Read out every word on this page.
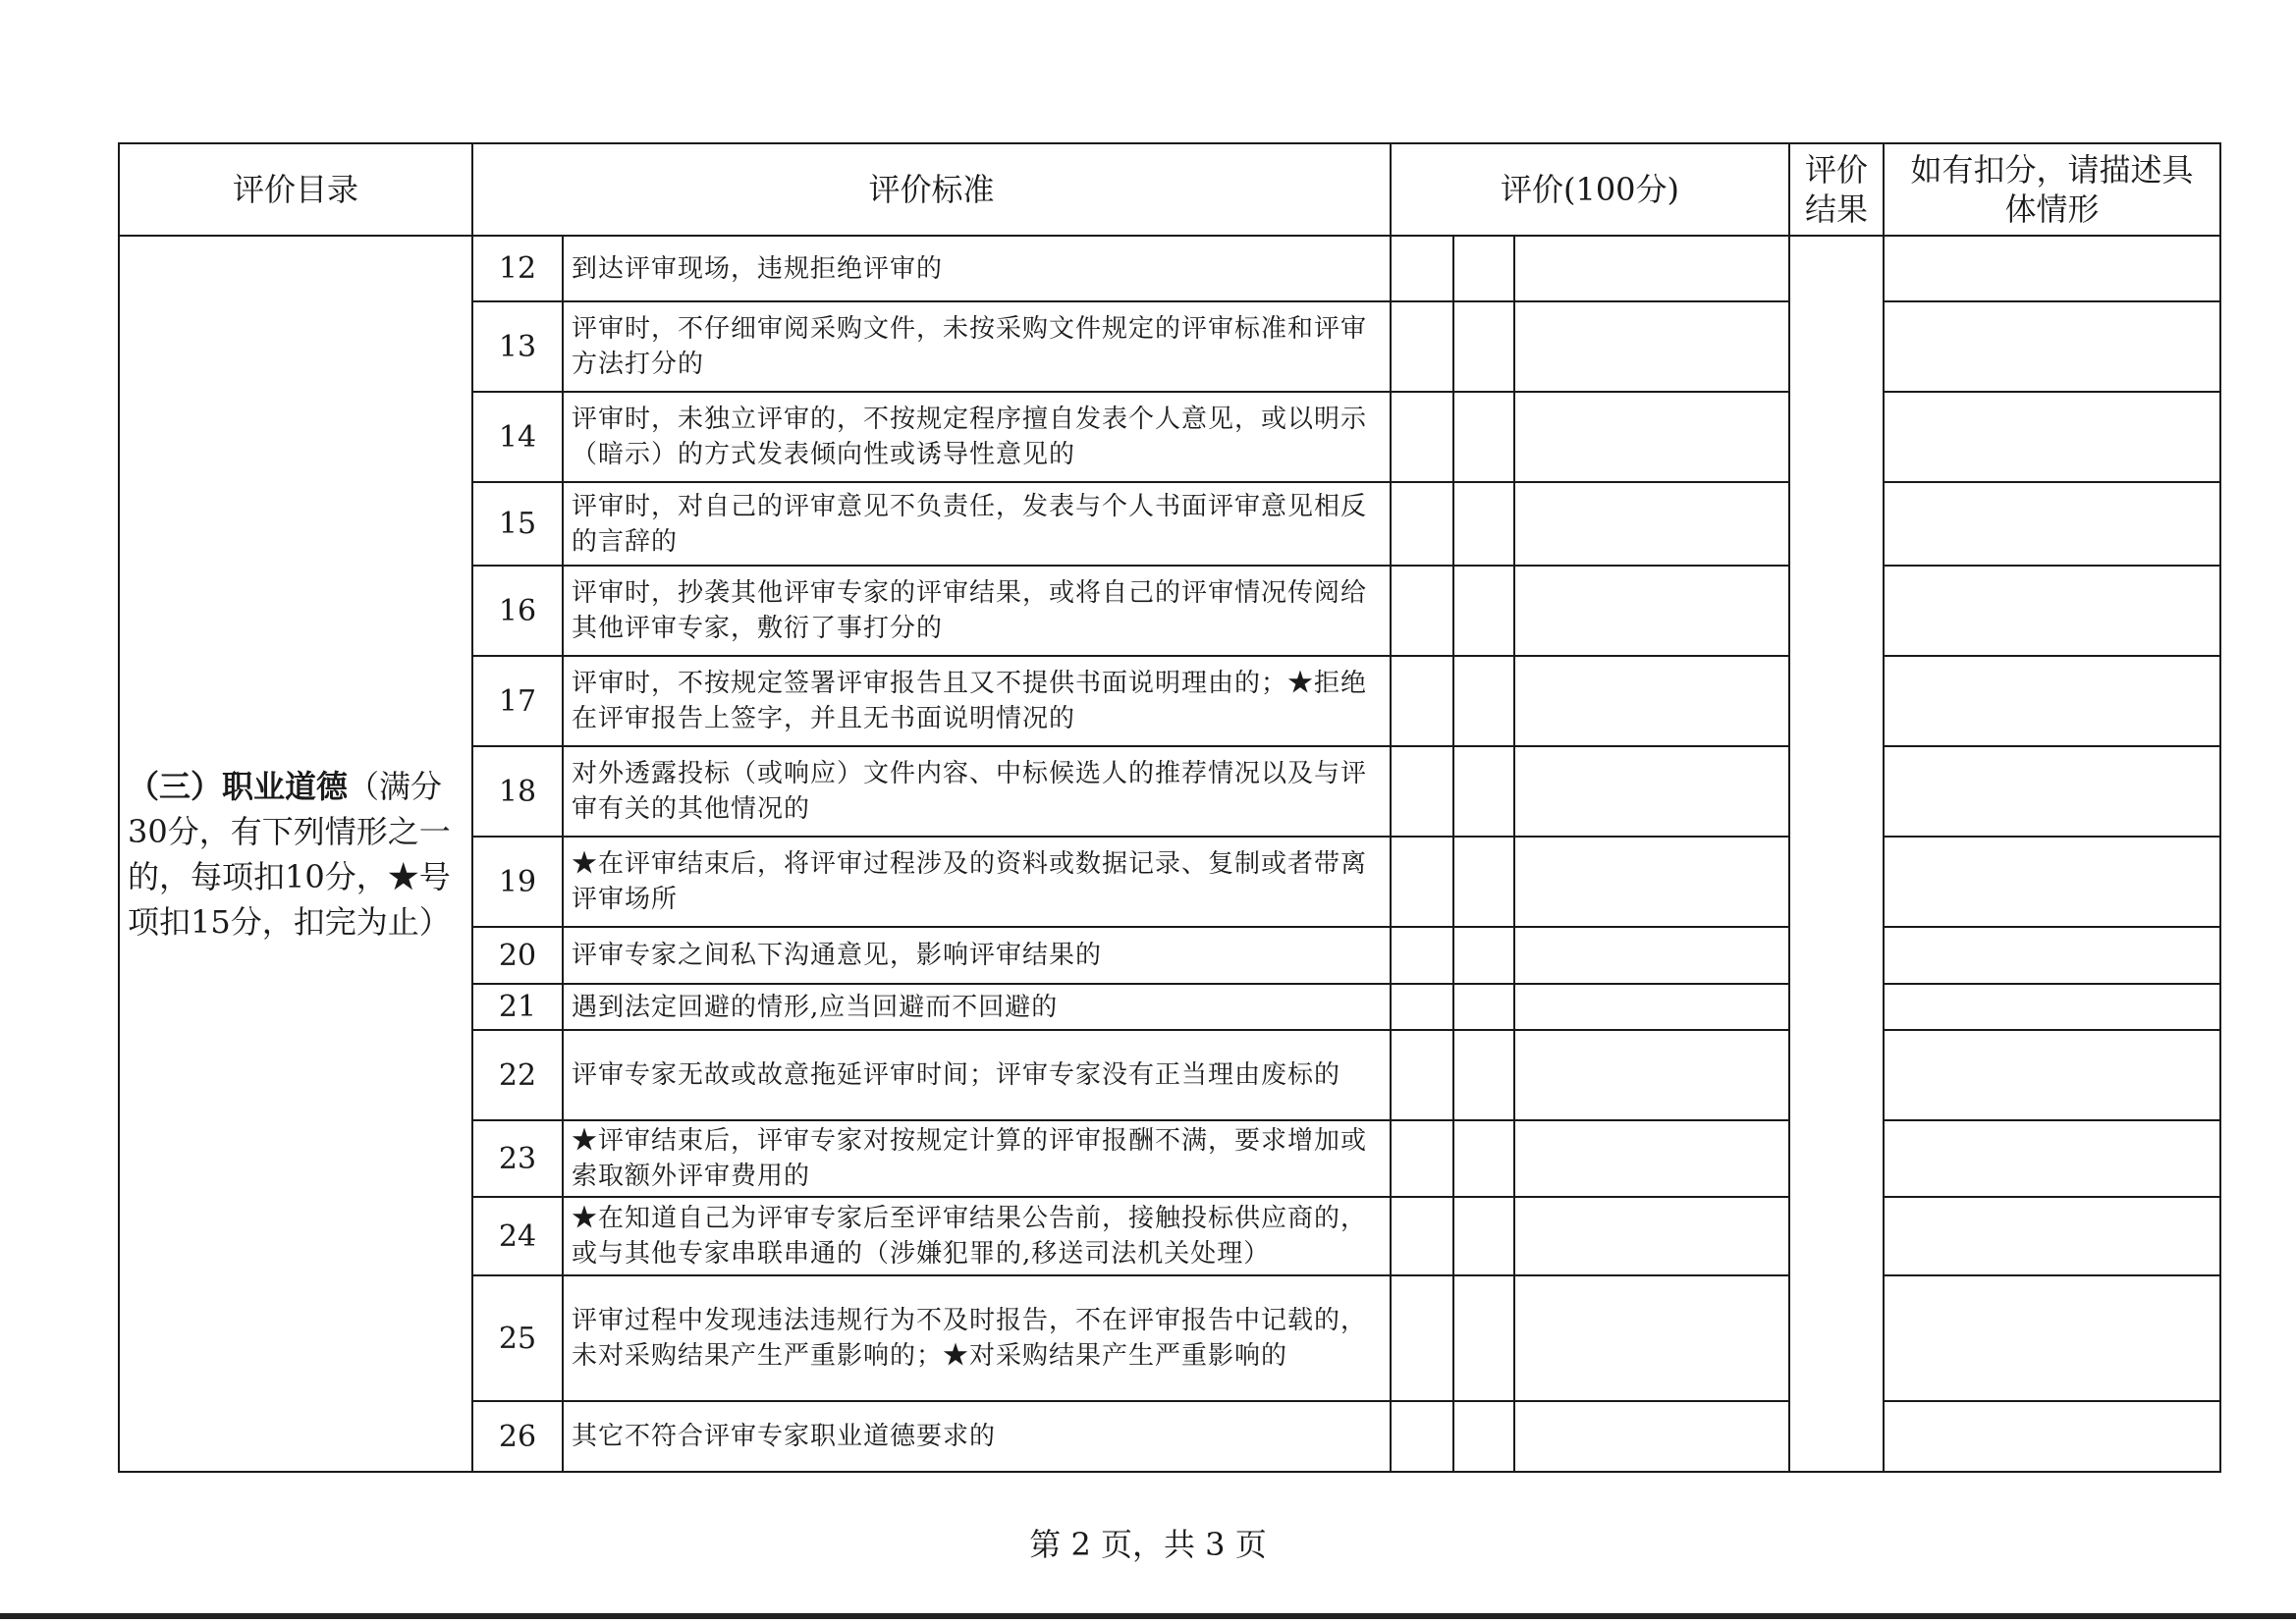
评价目录	评价标准		评价(100分)			评价结果	如有扣分，请描述具体情形
（三）职业道德（满分30分，有下列情形之一的，每项扣10分，★号项扣15分，扣完为止）	12	到达评审现场，违规拒绝评审的					
	13	评审时，不仔细审阅采购文件，未按采购文件规定的评审标准和评审方法打分的					
	14	评审时，未独立评审的，不按规定程序擅自发表个人意见，或以明示（暗示）的方式发表倾向性或诱导性意见的					
	15	评审时，对自己的评审意见不负责任，发表与个人书面评审意见相反的言辞的					
	16	评审时，抄袭其他评审专家的评审结果，或将自己的评审情况传阅给其他评审专家，敷衍了事打分的					
	17	评审时，不按规定签署评审报告且又不提供书面说明理由的；★拒绝在评审报告上签字，并且无书面说明情况的					
	18	对外透露投标（或响应）文件内容、中标候选人的推荐情况以及与评审有关的其他情况的					
	19	★在评审结束后，将评审过程涉及的资料或数据记录、复制或者带离评审场所					
	20	评审专家之间私下沟通意见，影响评审结果的					
	21	遇到法定回避的情形,应当回避而不回避的					
	22	评审专家无故或故意拖延评审时间；评审专家没有正当理由废标的					
	23	★评审结束后，评审专家对按规定计算的评审报酬不满，要求增加或索取额外评审费用的					
	24	★在知道自己为评审专家后至评审结果公告前，接触投标供应商的，或与其他专家串联串通的（涉嫌犯罪的,移送司法机关处理）					
	25	评审过程中发现违法违规行为不及时报告，不在评审报告中记载的，未对采购结果产生严重影响的；★对采购结果产生严重影响的					
	26	其它不符合评审专家职业道德要求的					
第 2 页，共 3 页
